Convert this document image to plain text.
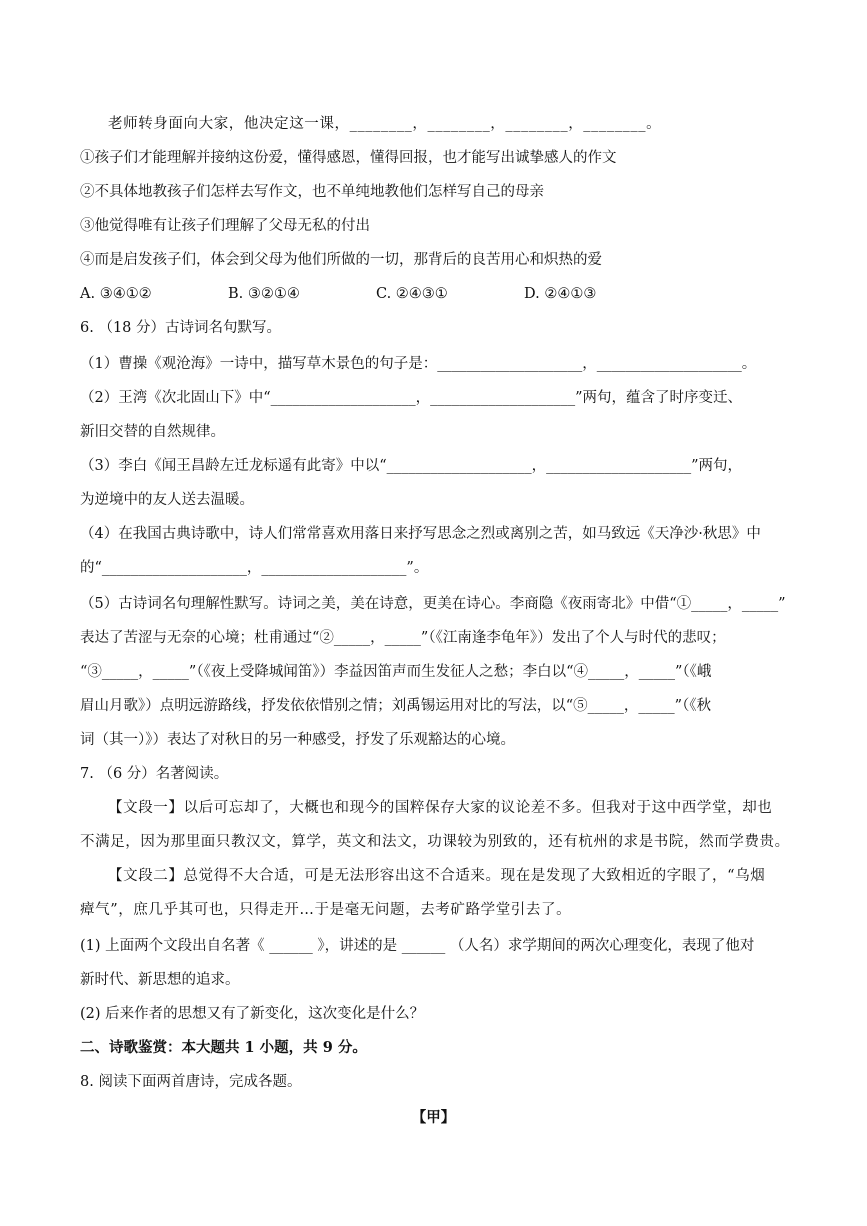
老师转身面向大家，他决定这一课，________，________，________，________。
①孩子们才能理解并接纳这份爱，懂得感恩，懂得回报，也才能写出诚挚感人的作文
②不具体地教孩子们怎样去写作文，也不单纯地教他们怎样写自己的母亲
③他觉得唯有让孩子们理解了父母无私的付出
④而是启发孩子们，体会到父母为他们所做的一切，那背后的良苦用心和炽热的爱
A. ③④①②	B. ③②①④	C. ②④③①	D. ②④①③
6. （18 分）古诗词名句默写。
（1）曹操《观沧海》一诗中，描写草木景色的句子是：____________________，____________________。
（2）王湾《次北固山下》中“____________________，____________________”两句，蕴含了时序变迁、
新旧交替的自然规律。
（3）李白《闻王昌龄左迁龙标遥有此寄》中以“____________________，____________________”两句，
为逆境中的友人送去温暖。
（4）在我国古典诗歌中，诗人们常常喜欢用落日来抒写思念之烈或离别之苦，如马致远《天净沙·秋思》中
的“____________________，____________________”。
（5）古诗词名句理解性默写。诗词之美，美在诗意，更美在诗心。李商隐《夜雨寄北》中借“①_____，_____”
表达了苦涩与无奈的心境；杜甫通过“②_____，_____”（《江南逢李龟年》）发出了个人与时代的悲叹；
“③_____，_____”（《夜上受降城闻笛》）李益因笛声而生发征人之愁；李白以“④_____，_____”（《峨
眉山月歌》）点明远游路线，抒发依依惜别之情；刘禹锡运用对比的写法，以“⑤_____，_____”（《秋
词（其一）》）表达了对秋日的另一种感受，抒发了乐观豁达的心境。
7. （6 分）名著阅读。
【文段一】以后可忘却了，大概也和现今的国粹保存大家的议论差不多。但我对于这中西学堂，却也
不满足，因为那里面只教汉文，算学，英文和法文，功课较为别致的，还有杭州的求是书院，然而学费贵。
【文段二】总觉得不大合适，可是无法形容出这不合适来。现在是发现了大致相近的字眼了，“乌烟
瘴气”，庶几乎其可也，只得走开…于是毫无问题，去考矿路学堂引去了。
(1) 上面两个文段出自名著《 ______ 》，讲述的是 ______ （人名）求学期间的两次心理变化，表现了他对
新时代、新思想的追求。
(2) 后来作者的思想又有了新变化，这次变化是什么？
二、诗歌鉴赏：本大题共 1 小题，共 9 分。
8. 阅读下面两首唐诗，完成各题。
【甲】
